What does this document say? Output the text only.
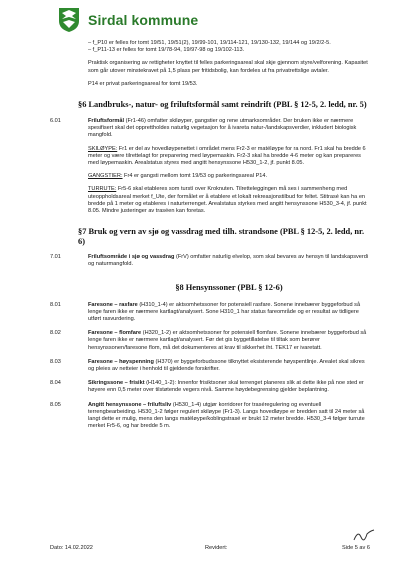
Sirdal kommune
– f_P10 er felles for tomt 19/51, 19/51(2), 19/99-101, 19/114-121, 19/130-132, 19/144 og 19/2/2-5.
– f_P11-13 er felles for tomt 19/78-94, 19/97-98 og 19/102-113.
Praktisk organisering av rettigheter knyttet til felles parkeringsareal skal skje gjennom styre/velforening. Kapasitet som går utover minstekravet på 1,5 plass per fritidsbolig, kan fordeles ut fra privatrettslige avtaler.
P14 er privat parkeringsareal for tomt 19/53.
§6 Landbruks-, natur- og friluftsformål samt reindrift (PBL § 12-5, 2. ledd, nr. 5)
6.01	Friluftsformål (Fr1-46) omfatter skiløyper, gangstier og rene utmarksområder. Der bruken ikke er nærmere spesifisert skal det opprettholdes naturlig vegetasjon for å ivareta natur-/landskapsverdier, inkludert biologisk mangfold.
SKILØYPE: Fr1 er del av hovedløypenettet i området mens Fr2-3 er matéløype for ra nord. Fr1 skal ha bredde 6 meter og være tilrettelagt for preparering med løypemaskin. Fr2-3 skal ha bredde 4-6 meter og kan prepareres med løypemaskin. Arealstatus styres med angitt hensynssone H530_1-2, jf. punkt 8.05.
GANGSTIER: Fr4 er gangsti mellom tomt 19/53 og parkeringsareal P14.
TURRUTE: Fr5-6 skal etableres som turstì over Kroknuten. Tilretteleggingen må ses i sammenheng med uteoppholdsareal merket f_Ute, der formålet er å etablere et lokalt rekreasjonstilbud for feltet. Stitrasé kan ha en bredde på 1 meter og etableres i naturterrenget. Arealstatus styrkes med angitt hensynssone H530_3-4, jf. punkt 8.05. Mindre justeringer av traséen kan foretas.
§7 Bruk og vern av sjø og vassdrag med tilh. strandsone (PBL § 12-5, 2. ledd, nr. 6)
7.01	Friluftsområde i sjø og vassdrag (FrV) omfatter naturlig elvelop, som skal bevares av hensyn til landskapsverdi og naturmangfold.
§8 Hensynssoner (PBL § 12-6)
8.01	Faresone – rasfare (H310_1-4) er aktsomhetssoner for potensiell rasfare. Sonene innebærer byggeforbud så lenge faren ikke er nærmere kartlagt/analysert. Sone H310_1 har status fareområde og er resultat av tidligere utført rasvurdering.
8.02	Faresone – flomfare (H320_1-2) er aktsomhetssoner for potensiell flomfare. Sonene innebærer byggeforbud så lenge faren ikke er nærmere kartlagt/analysert. Før det gis byggetillatelse til tiltak som berører hensynssonen/faresone flom, må det dokumenteres at krav til sikkerhet iht. TEK17 er ivaretatt.
8.03	Faresone – høyspenning (H370) er byggeforbudssone tilknyttet eksisterende høyspentlinje. Arealet skal sikres og pleies av netteier i henhold til gjeldende forskrifter.
8.04	Sikringssone – frisikt (H140_1-2): Innenfor frisiktsoner skal terrenget planeres slik at dette ikke på noe sted er høyere enn 0,5 meter over tilstøtende vegers nivå. Samme høydebegrensing gjelder beplantning.
8.05	Angitt hensynssone – friluftsliv (H530_1-4) utgjør korridorer for traséregulering og eventuell terrengbearbeiding. H530_1-2 følger regulert skiløype (Fr1-3). Langs hovedløype er bredden satt til 24 meter så langt dette er mulig, mens den langs matéløype/koblingstrasé er brukt 12 meter bredde. H530_3-4 følger turrute merket Fr5-6, og har bredde 5 m.
Dato: 14.02.2022	Revidert:	Side 5 av 6
